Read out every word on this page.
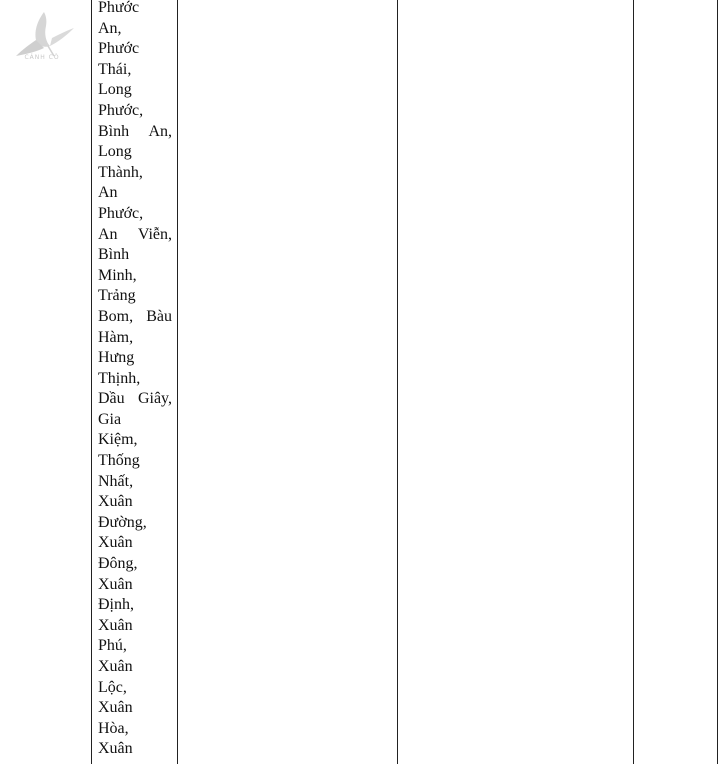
CÁNH CÒ
Phước
An,
Phước
Thái,
Long
Phước,
Bình An,
Long
Thành,
An
Phước,
An Viễn,
Bình
Minh,
Trảng
Bom, Bàu
Hàm,
Hưng
Thịnh,
Dầu Giây,
Gia
Kiệm,
Thống
Nhất,
Xuân
Đường,
Xuân
Đông,
Xuân
Định,
Xuân
Phú,
Xuân
Lộc,
Xuân
Hòa,
Xuân
